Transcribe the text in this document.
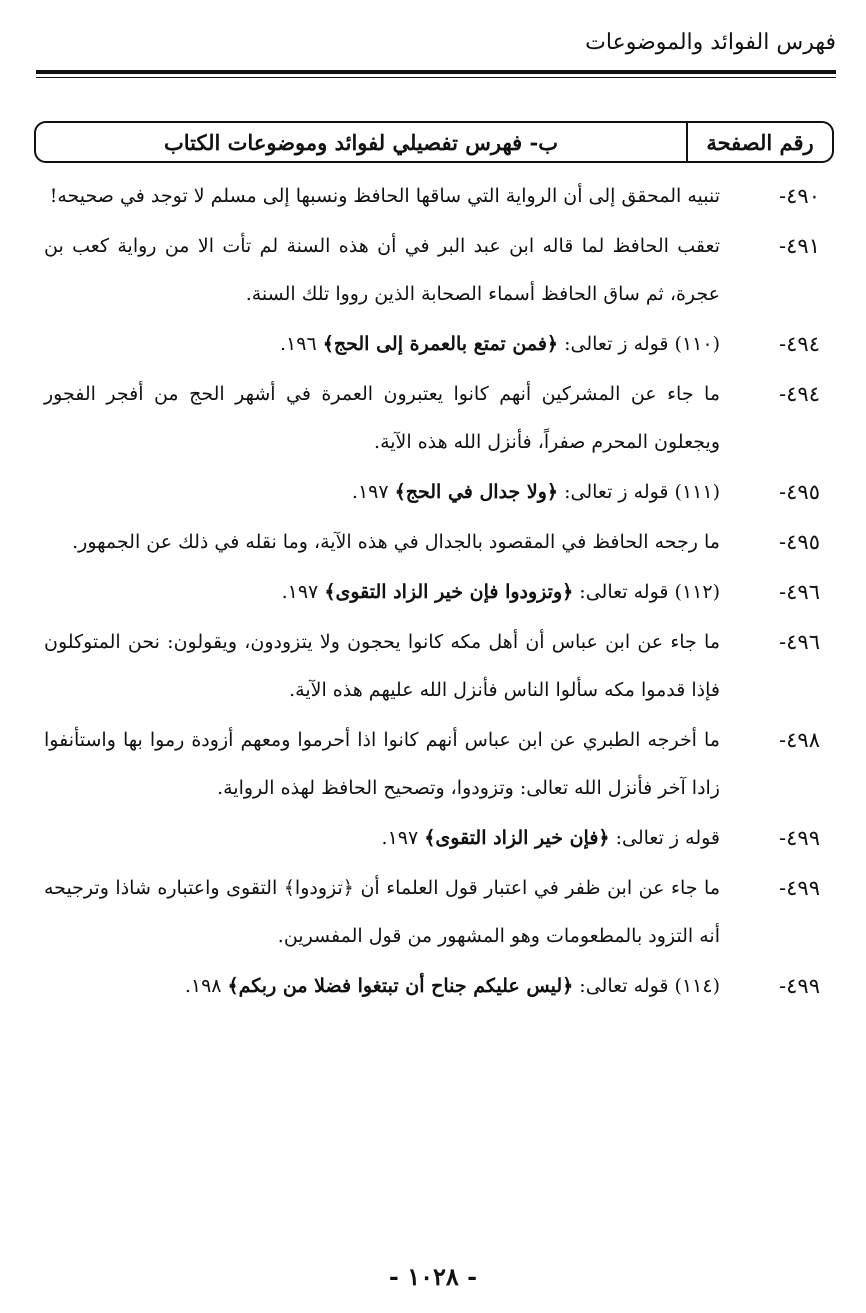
فهرس الفوائد والموضوعات
رقم الصفحة
ب- فهرس تفصيلي لفوائد وموضوعات الكتاب
٤٩٠-
تنبيه المحقق إلى أن الرواية التي ساقها الحافظ ونسبها إلى مسلم لا توجد في صحيحه!
٤٩١-
تعقب الحافظ لما قاله ابن عبد البر في أن هذه السنة لم تأت الا من رواية كعب بن عجرة، ثم ساق الحافظ أسماء الصحابة الذين رووا تلك السنة.
٤٩٤-
(١١٠) قوله ز تعالى: ﴿فمن تمتع بالعمرة إلى الحج﴾ ١٩٦.
٤٩٤-
ما جاء عن المشركين أنهم كانوا يعتبرون العمرة في أشهر الحج من أفجر الفجور ويجعلون المحرم صفراً، فأنزل الله هذه الآية.
٤٩٥-
(١١١) قوله ز تعالى: ﴿ولا جدال في الحج﴾ ١٩٧.
٤٩٥-
ما رجحه الحافظ في المقصود بالجدال في هذه الآية، وما نقله في ذلك عن الجمهور.
٤٩٦-
(١١٢) قوله تعالى: ﴿وتزودوا فإن خير الزاد التقوى﴾ ١٩٧.
٤٩٦-
ما جاء عن ابن عباس أن أهل مكه كانوا يحجون ولا يتزودون، ويقولون: نحن المتوكلون فإذا قدموا مكه سألوا الناس فأنزل الله عليهم هذه الآية.
٤٩٨-
ما أخرجه الطبري عن ابن عباس أنهم كانوا اذا أحرموا ومعهم أزودة رموا بها واستأنفوا زادا آخر فأنزل الله تعالى: وتزودوا، وتصحيح الحافظ لهذه الرواية.
٤٩٩-
قوله ز تعالى: ﴿فإن خير الزاد التقوى﴾ ١٩٧.
٤٩٩-
ما جاء عن ابن ظفر في اعتبار قول العلماء أن ﴿تزودوا﴾ التقوى واعتباره شاذا وترجيحه أنه التزود بالمطعومات وهو المشهور من قول المفسرين.
٤٩٩-
(١١٤) قوله تعالى: ﴿ليس عليكم جناح أن تبتغوا فضلا من ربكم﴾ ١٩٨.
- ١٠٢٨ -
